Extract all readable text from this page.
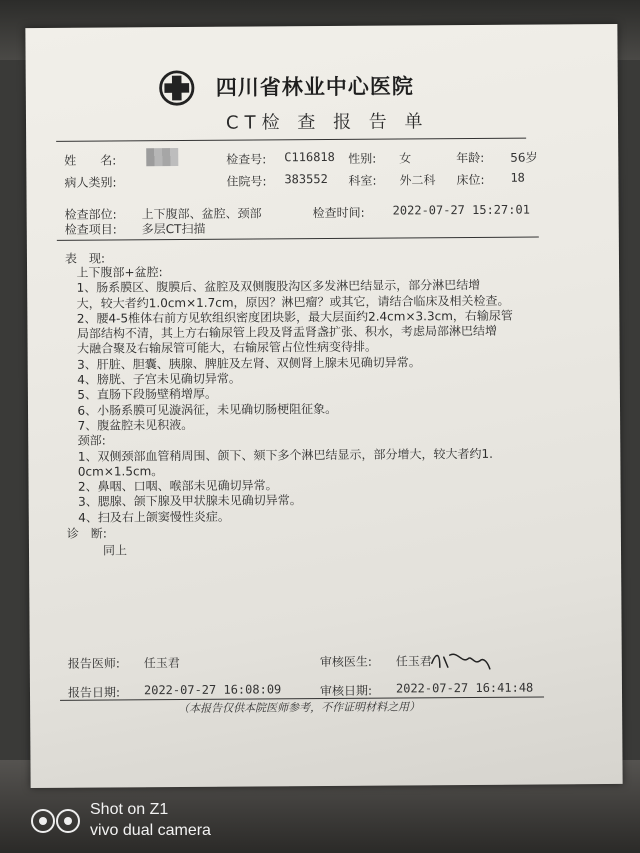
四川省林业中心医院
CT检 查 报 告 单
姓　　名:	检查号: C116818 性别: 女	年龄: 56岁
病人类别:	住院号: 383552 科室: 外二科 床位: 18
检查部位: 上下腹部、盆腔、颈部	检查时间: 2022-07-27 15:27:01
检查项目: 多层CT扫描
表　现:
上下腹部+盆腔:
1、肠系膜区、腹膜后、盆腔及双侧腹股沟区多发淋巴结显示，部分淋巴结增
大，较大者约1.0cm×1.7cm，原因？淋巴瘤？或其它，请结合临床及相关检查。
2、腰4-5椎体右前方见软组织密度团块影，最大层面约2.4cm×3.3cm，右输尿管
局部结构不清，其上方右输尿管上段及肾盂肾盏扩张、积水，考虑局部淋巴结增
大融合聚及右输尿管可能大，右输尿管占位性病变待排。
3、肝脏、胆囊、胰腺、脾脏及左肾、双侧肾上腺未见确切异常。
4、膀胱、子宫未见确切异常。
5、直肠下段肠壁稍增厚。
6、小肠系膜可见漩涡征，未见确切肠梗阻征象。
7、腹盆腔未见积液。
颈部:
1、双侧颈部血管稍周围、颌下、颏下多个淋巴结显示，部分增大，较大者约1.
0cm×1.5cm。
2、鼻咽、口咽、喉部未见确切异常。
3、腮腺、颌下腺及甲状腺未见确切异常。
4、扫及右上颌窦慢性炎症。
诊　断:
同上
报告医师: 任玉君	审核医生: 任玉君
报告日期: 2022-07-27 16:08:09	审核日期: 2022-07-27 16:41:48
（本报告仅供本院医师参考，不作证明材料之用）
Shot on Z1
vivo dual camera
